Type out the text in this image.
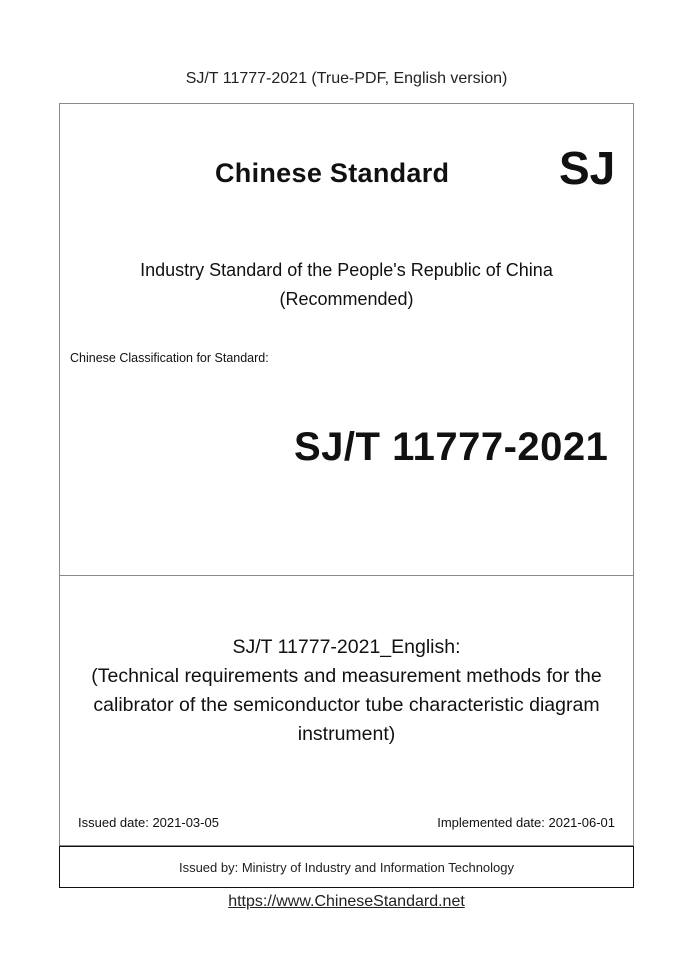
SJ/T 11777-2021 (True-PDF, English version)
Chinese Standard SJ
Industry Standard of the People's Republic of China
(Recommended)
Chinese Classification for Standard:
SJ/T 11777-2021
SJ/T 11777-2021_English:
(Technical requirements and measurement methods for the
calibrator of the semiconductor tube characteristic diagram
instrument)
Issued date: 2021-03-05	Implemented date: 2021-06-01
Issued by: Ministry of Industry and Information Technology
https://www.ChineseStandard.net
